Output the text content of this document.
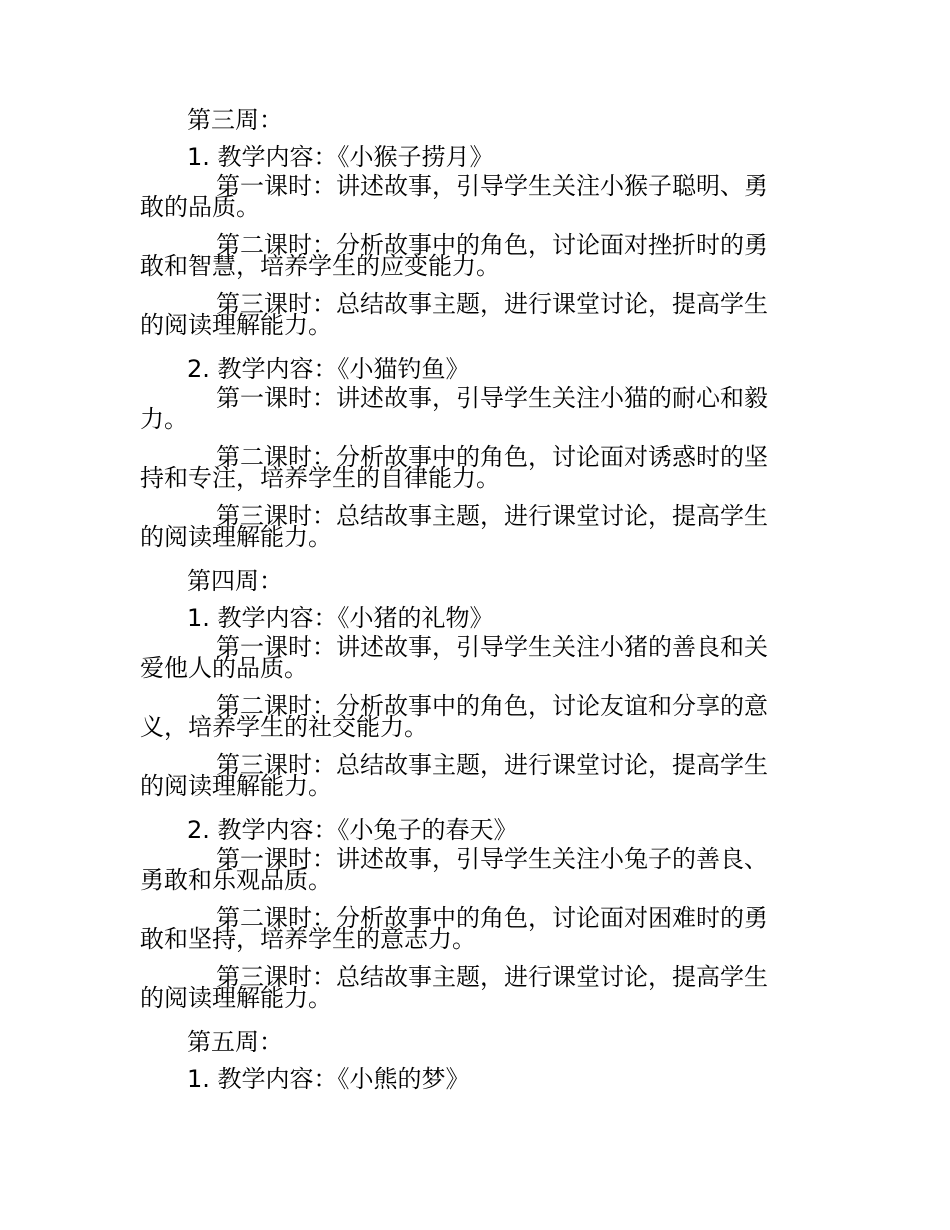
第三周：
1. 教学内容：《小猴子捞月》
第一课时：讲述故事，引导学生关注小猴子聪明、勇敢的品质。
第二课时：分析故事中的角色，讨论面对挫折时的勇敢和智慧，培养学生的应变能力。
第三课时：总结故事主题，进行课堂讨论，提高学生的阅读理解能力。
2. 教学内容：《小猫钓鱼》
第一课时：讲述故事，引导学生关注小猫的耐心和毅力。
第二课时：分析故事中的角色，讨论面对诱惑时的坚持和专注，培养学生的自律能力。
第三课时：总结故事主题，进行课堂讨论，提高学生的阅读理解能力。
第四周：
1. 教学内容：《小猪的礼物》
第一课时：讲述故事，引导学生关注小猪的善良和关爱他人的品质。
第二课时：分析故事中的角色，讨论友谊和分享的意义，培养学生的社交能力。
第三课时：总结故事主题，进行课堂讨论，提高学生的阅读理解能力。
2. 教学内容：《小兔子的春天》
第一课时：讲述故事，引导学生关注小兔子的善良、勇敢和乐观品质。
第二课时：分析故事中的角色，讨论面对困难时的勇敢和坚持，培养学生的意志力。
第三课时：总结故事主题，进行课堂讨论，提高学生的阅读理解能力。
第五周：
1. 教学内容：《小熊的梦》
